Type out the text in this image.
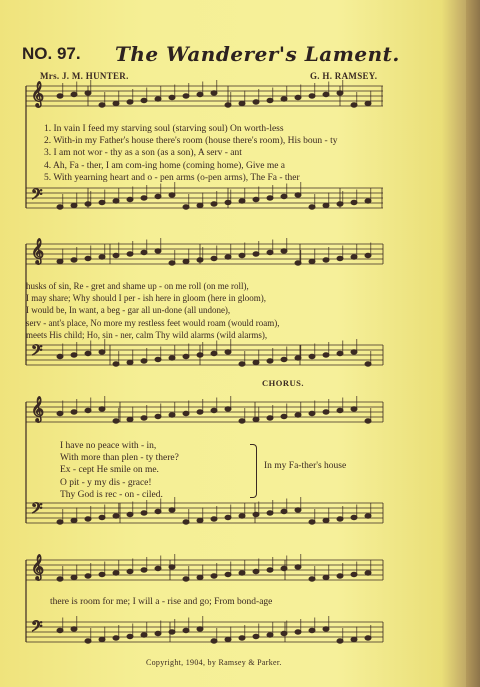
NO. 97. The Wanderer's Lament.
Mrs. J. M. HUNTER.	G. H. RAMSEY.
𝄞
𝄞
𝄞
𝄞
𝄢
𝄢
𝄢
𝄢
1. In vain I feed my starving soul (starving soul) On worth-less
2. With-in my Father's house there's room (house there's room), His boun - ty
3. I am not wor - thy as a son (as a son), A serv - ant
4. Ah, Fa - ther, I am com-ing home (coming home), Give me a
5. With yearning heart and o - pen arms (o-pen arms), The Fa - ther
husks of sin, Re - gret and shame up - on me roll (on me roll),
I may share; Why should I per - ish here in gloom (here in gloom),
I would be, In want, a beg - gar all un-done (all undone),
serv - ant's place, No more my restless feet would roam (would roam),
meets His child; Ho, sin - ner, calm Thy wild alarms (wild alarms),
CHORUS.
I have no peace with - in,
With more than plen - ty there?
Ex - cept He smile on me.
O pit - y my dis - grace!
Thy God is rec - on - ciled.
In my Fa-ther's house
there is room for me; I will a - rise and go; From bond-age
Copyright, 1904, by Ramsey & Parker.
